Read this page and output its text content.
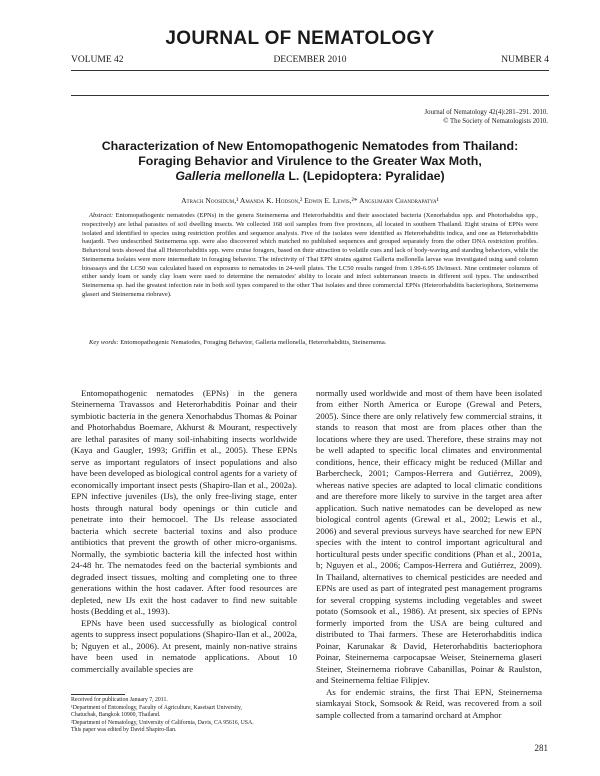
JOURNAL OF NEMATOLOGY
VOLUME 42	DECEMBER 2010	NUMBER 4
Journal of Nematology 42(4):281–291. 2010.
© The Society of Nematologists 2010.
Characterization of New Entomopathogenic Nematodes from Thailand:
Foraging Behavior and Virulence to the Greater Wax Moth,
Galleria mellonella L. (Lepidoptera: Pyralidae)
Atrach Noosidum,¹ Amanda K. Hodson,² Edwin E. Lewis,²* Angsumarn Chandrapatya¹

Abstract: Entomopathogenic nematodes (EPNs) in the genera Steinernema and Heterorhabditis and their associated bacteria (Xenorhabdus spp. and Photorhabdus spp., respectively) are lethal parasites of soil dwelling insects. We collected 168 soil samples from five provinces, all located in southern Thailand. Eight strains of EPNs were isolated and identified to species using restriction profiles and sequence analysis. Five of the isolates were identified as Heterorhabditis indica, and one as Heterorhabditis baujardi. Two undescribed Steinernema spp. were also discovered which matched no published sequences and grouped separately from the other DNA restriction profiles. Behavioral tests showed that all Heterorhabditis spp. were cruise foragers, based on their attraction to volatile cues and lack of body-waving and standing behaviors, while the Steinernema isolates were more intermediate in foraging behavior. The infectivity of Thai EPN strains against Galleria mellonella larvae was investigated using sand column bioassays and the LC50 was calculated based on exposures to nematodes in 24-well plates. The LC50 results ranged from 1.99-6.95 IJs/insect. Nine centimeter columns of either sandy loam or sandy clay loam were used to determine the nematodes' ability to locate and infect subterranean insects in different soil types. The undescribed Steinernema sp. had the greatest infection rate in both soil types compared to the other Thai isolates and three commercial EPNs (Heterorhabditis bacteriophora, Steinernema glaseri and Steinernema riobrave).

Key words: Entomopathogenic Nematodes, Foraging Behavior, Galleria mellonella, Heterorhabditis, Steinernema.

Entomopathogenic nematodes (EPNs) in the genera Steinernema Travassos and Heterorhabditis Poinar and their symbiotic bacteria in the genera Xenorhabdus Thomas & Poinar and Photorhabdus Boemare, Akhurst & Mourant, respectively are lethal parasites of many soil-inhabiting insects worldwide (Kaya and Gaugler, 1993; Griffin et al., 2005). These EPNs serve as important regulators of insect populations and also have been developed as biological control agents for a variety of economically important insect pests (Shapiro-Ilan et al., 2002a). EPN infective juveniles (IJs), the only free-living stage, enter hosts through natural body openings or thin cuticle and penetrate into their hemocoel. The IJs release associated bacteria which secrete bacterial toxins and also produce antibiotics that prevent the growth of other micro-organisms. Normally, the symbiotic bacteria kill the infected host within 24-48 hr. The nematodes feed on the bacterial symbionts and degraded insect tissues, molting and completing one to three generations within the host cadaver. After food resources are depleted, new IJs exit the host cadaver to find new suitable hosts (Bedding et al., 1993).

EPNs have been used successfully as biological control agents to suppress insect populations (Shapiro-Ilan et al., 2002a, b; Nguyen et al., 2006). At present, mainly non-native strains have been used in nematode applications. About 10 commercially available species are

normally used worldwide and most of them have been isolated from either North America or Europe (Grewal and Peters, 2005). Since there are only relatively few commercial strains, it stands to reason that most are from places other than the locations where they are used. Therefore, these strains may not be well adapted to specific local climates and environmental conditions, hence, their efficacy might be reduced (Millar and Barbercheck, 2001; Campos-Herrera and Gutiérrez, 2009), whereas native species are adapted to local climatic conditions and are therefore more likely to survive in the target area after application. Such native nematodes can be developed as new biological control agents (Grewal et al., 2002; Lewis et al., 2006) and several previous surveys have searched for new EPN species with the intent to control important agricultural and horticultural pests under specific conditions (Phan et al., 2001a, b; Nguyen et al., 2006; Campos-Herrera and Gutiérrez, 2009). In Thailand, alternatives to chemical pesticides are needed and EPNs are used as part of integrated pest management programs for several cropping systems including vegetables and sweet potato (Somsook et al., 1986). At present, six species of EPNs formerly imported from the USA are being cultured and distributed to Thai farmers. These are Heterorhabditis indica Poinar, Karunakar & David, Heterorhabditis bacteriophora Poinar, Steinernema carpocapsae Weiser, Steinernema glaseri Steiner, Steinernema riobrave Cabanillas, Poinar & Raulston, and Steinernema feltiae Filipjev.

As for endemic strains, the first Thai EPN, Steinernema siamkayai Stock, Somsook & Reid, was recovered from a soil sample collected from a tamarind orchard at Amphor

Received for publication January 7, 2011.
¹Department of Entomology, Faculty of Agriculture, Kasetsart University,
Chatuchak, Bangkok 10900, Thailand.
²Department of Nematology, University of California, Davis, CA 95616, USA.
This paper was edited by David Shapiro-Ilan.
281
